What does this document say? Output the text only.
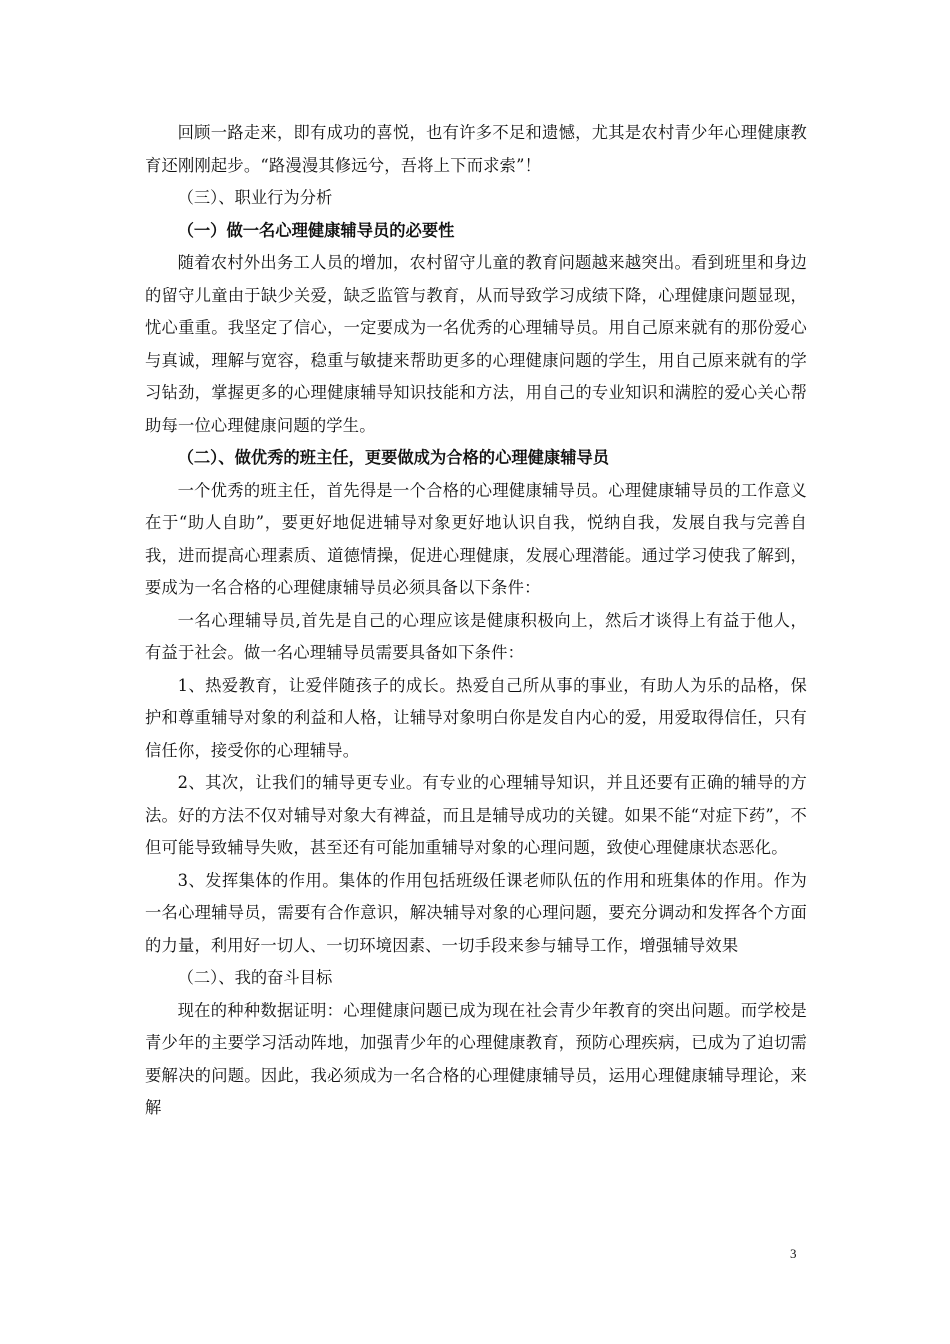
回顾一路走来，即有成功的喜悦，也有许多不足和遗憾，尤其是农村青少年心理健康教育还刚刚起步。“路漫漫其修远兮，吾将上下而求索”！

（三）、职业行为分析

（一）做一名心理健康辅导员的必要性

随着农村外出务工人员的增加，农村留守儿童的教育问题越来越突出。看到班里和身边的留守儿童由于缺少关爱，缺乏监管与教育，从而导致学习成绩下降，心理健康问题显现，忧心重重。我坚定了信心，一定要成为一名优秀的心理辅导员。用自己原来就有的那份爱心与真诚，理解与宽容，稳重与敏捷来帮助更多的心理健康问题的学生，用自己原来就有的学习钻劲，掌握更多的心理健康辅导知识技能和方法，用自己的专业知识和满腔的爱心关心帮助每一位心理健康问题的学生。

（二）、做优秀的班主任，更要做成为合格的心理健康辅导员

一个优秀的班主任，首先得是一个合格的心理健康辅导员。心理健康辅导员的工作意义在于“助人自助”，要更好地促进辅导对象更好地认识自我，悦纳自我，发展自我与完善自我，进而提高心理素质、道德情操，促进心理健康，发展心理潜能。通过学习使我了解到，要成为一名合格的心理健康辅导员必须具备以下条件：

一名心理辅导员,首先是自己的心理应该是健康积极向上，然后才谈得上有益于他人，有益于社会。做一名心理辅导员需要具备如下条件：

1、热爱教育，让爱伴随孩子的成长。热爱自己所从事的事业，有助人为乐的品格，保护和尊重辅导对象的利益和人格，让辅导对象明白你是发自内心的爱，用爱取得信任，只有信任你，接受你的心理辅导。

2、其次，让我们的辅导更专业。有专业的心理辅导知识，并且还要有正确的辅导的方法。好的方法不仅对辅导对象大有裨益，而且是辅导成功的关键。如果不能“对症下药”，不但可能导致辅导失败，甚至还有可能加重辅导对象的心理问题，致使心理健康状态恶化。

3、发挥集体的作用。集体的作用包括班级任课老师队伍的作用和班集体的作用。作为一名心理辅导员，需要有合作意识，解决辅导对象的心理问题，要充分调动和发挥各个方面的力量，利用好一切人、一切环境因素、一切手段来参与辅导工作，增强辅导效果

（二）、我的奋斗目标

现在的种种数据证明：心理健康问题已成为现在社会青少年教育的突出问题。而学校是青少年的主要学习活动阵地，加强青少年的心理健康教育，预防心理疾病，已成为了迫切需要解决的问题。因此，我必须成为一名合格的心理健康辅导员，运用心理健康辅导理论，来解

3
